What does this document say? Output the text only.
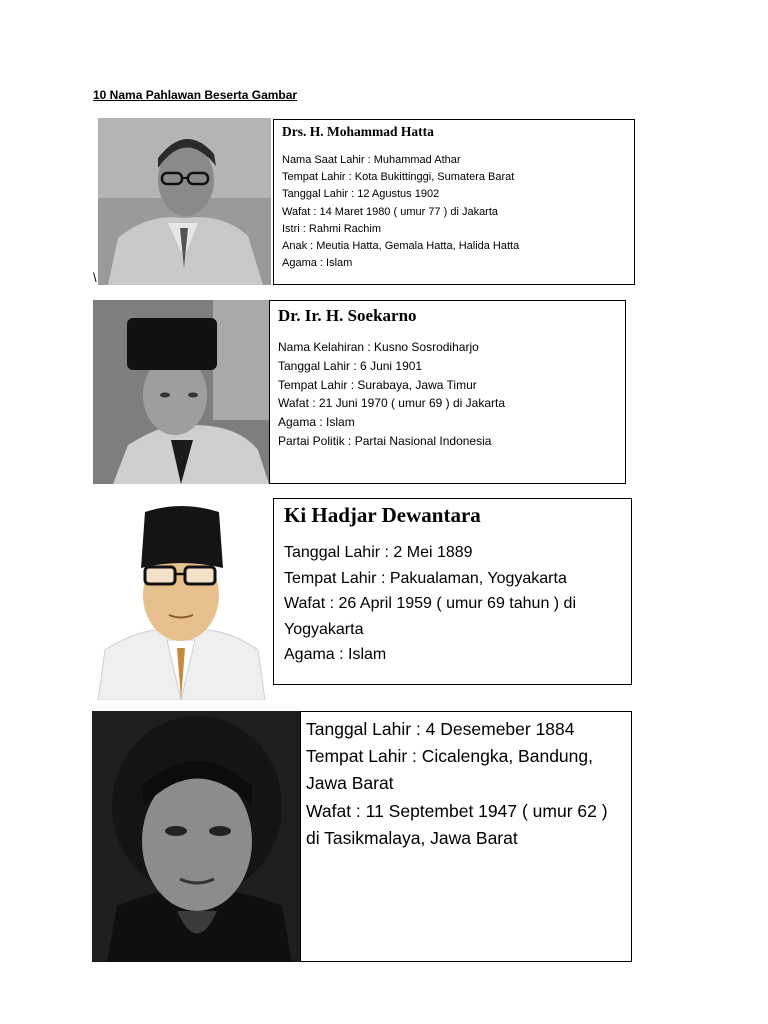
10 Nama Pahlawan Beserta Gambar
\
Drs. H. Mohammad Hatta
Nama Saat Lahir : Muhammad Athar
Tempat Lahir : Kota Bukittinggi, Sumatera Barat
Tanggal Lahir : 12 Agustus 1902
Wafat : 14 Maret 1980 ( umur 77 ) di Jakarta
Istri : Rahmi Rachim
Anak : Meutia Hatta, Gemala Hatta, Halida Hatta
Agama : Islam
Dr. Ir. H. Soekarno
Nama Kelahiran : Kusno Sosrodiharjo
Tanggal Lahir : 6 Juni 1901
Tempat Lahir : Surabaya, Jawa Timur
Wafat : 21 Juni 1970 ( umur 69 ) di Jakarta
Agama : Islam
Partai Politik : Partai Nasional Indonesia
Ki Hadjar Dewantara
Tanggal Lahir : 2 Mei 1889
Tempat Lahir : Pakualaman, Yogyakarta
Wafat : 26 April 1959 ( umur 69 tahun ) di Yogyakarta
Agama : Islam
Tanggal Lahir : 4 Desemeber 1884
Tempat Lahir : Cicalengka, Bandung, Jawa Barat
Wafat : 11 Septembet 1947 ( umur 62 ) di Tasikmalaya, Jawa Barat
